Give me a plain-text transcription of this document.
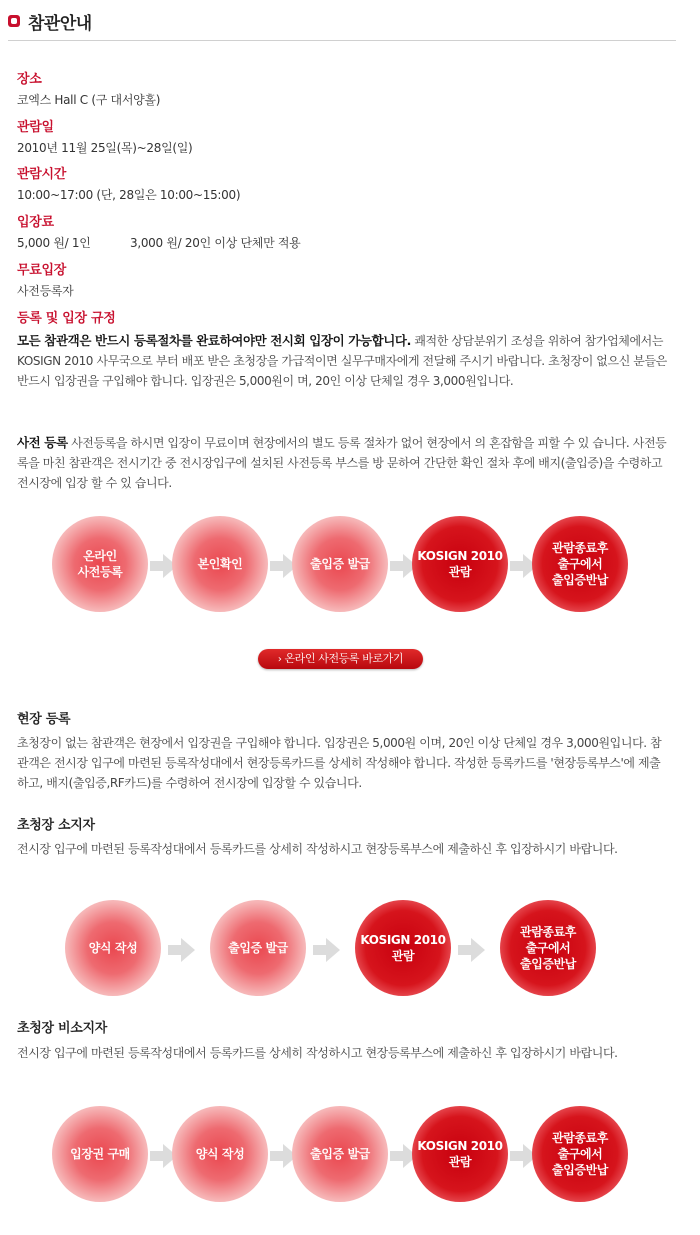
참관안내
장소
코엑스 Hall C (구 대서양홀)
관람일
2010년 11월 25일(목)~28일(일)
관람시간
10:00~17:00 (단, 28일은 10:00~15:00)
입장료
5,000 원/ 1인	3,000 원/ 20인 이상 단체만 적용
무료입장
사전등록자
등록 및 입장 규정
모든 참관객은 반드시 등록절차를 완료하여야만 전시회 입장이 가능합니다. 쾌적한 상담분위기 조성을 위하여 참가업체에서는 KOSIGN 2010 사무국으로 부터 배포 받은 초청장을 가급적이면 실무구매자에게 전달해 주시기 바랍니다. 초청장이 없으신 분들은 반드시 입장권을 구입해야 합니다. 입장권은 5,000원이 며, 20인 이상 단체일 경우 3,000원입니다.
사전 등록 사전등록을 하시면 입장이 무료이며 현장에서의 별도 등록 절차가 없어 현장에서 의 혼잡함을 피할 수 있 습니다. 사전등록을 마친 참관객은 전시기간 중 전시장입구에 설치된 사전등록 부스를 방 문하여 간단한 확인 절차 후에 배지(출입증)을 수령하고 전시장에 입장 할 수 있 습니다.
온라인
사전등록
본인확인	출입증 발급
KOSIGN 2010
관람
관람종료후
출구에서
출입증반납
› 온라인 사전등록 바로가기
현장 등록
초청장이 없는 참관객은 현장에서 입장권을 구입해야 합니다. 입장권은 5,000원 이며, 20인 이상 단체일 경우 3,000원입니다. 참관객은 전시장 입구에 마련된 등록작성대에서 현장등록카드를 상세히 작성해야 합니다. 작성한 등록카드를 '현장등록부스'에 제출하고, 배지(출입증,RF카드)를 수령하여 전시장에 입장할 수 있습니다.
초청장 소지자
전시장 입구에 마련된 등록작성대에서 등록카드를 상세히 작성하시고 현장등록부스에 제출하신 후 입장하시기 바랍니다.
양식 작성	출입증 발급
KOSIGN 2010
관람
관람종료후
출구에서
출입증반납
초청장 비소지자
전시장 입구에 마련된 등록작성대에서 등록카드를 상세히 작성하시고 현장등록부스에 제출하신 후 입장하시기 바랍니다.
입장권 구매	양식 작성	출입증 발급
KOSIGN 2010
관람
관람종료후
출구에서
출입증반납
